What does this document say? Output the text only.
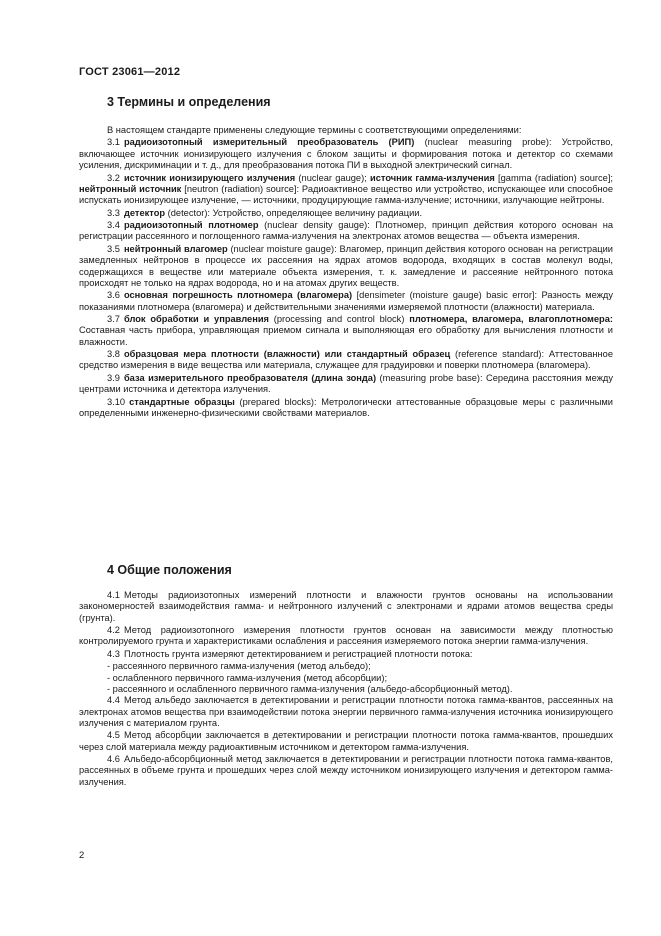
ГОСТ 23061—2012
3 Термины и определения

В настоящем стандарте применены следующие термины с соответствующими определениями:

3.1 радиоизотопный измерительный преобразователь (РИП) (nuclear measuring probe): Устройство, включающее источник ионизирующего излучения с блоком защиты и формирования потока и детектор со схемами усиления, дискриминации и т. д., для преобразования потока ПИ в выходной электрический сигнал.

3.2 источник ионизирующего излучения (nuclear gauge); источник гамма-излучения [gamma (radiation) source]; нейтронный источник [neutron (radiation) source]: Радиоактивное вещество или устройство, испускающее или способное испускать ионизирующее излучение, — источники, продуцирующие гамма-излучение; источники, излучающие нейтроны.

3.3 детектор (detector): Устройство, определяющее величину радиации.

3.4 радиоизотопный плотномер (nuclear density gauge): Плотномер, принцип действия которого основан на регистрации рассеянного и поглощенного гамма-излучения на электронах атомов вещества — объекта измерения.

3.5 нейтронный влагомер (nuclear moisture gauge): Влагомер, принцип действия которого основан на регистрации замедленных нейтронов в процессе их рассеяния на ядрах атомов водорода, входящих в состав молекул воды, содержащихся в веществе или материале объекта измерения, т. к. замедление и рассеяние нейтронного потока происходят не только на ядрах водорода, но и на атомах других веществ.

3.6 основная погрешность плотномера (влагомера) [densimeter (moisture gauge) basic error]: Разность между показаниями плотномера (влагомера) и действительными значениями измеряемой плотности (влажности) материала.

3.7 блок обработки и управления (processing and control block) плотномера, влагомера, влагоплотномера: Составная часть прибора, управляющая приемом сигнала и выполняющая его обработку для вычисления плотности и влажности.

3.8 образцовая мера плотности (влажности) или стандартный образец (reference standard): Аттестованное средство измерения в виде вещества или материала, служащее для градуировки и поверки плотномера (влагомера).

3.9 база измерительного преобразователя (длина зонда) (measuring probe base): Середина расстояния между центрами источника и детектора излучения.

3.10 стандартные образцы (prepared blocks): Метрологически аттестованные образцовые меры с различными определенными инженерно-физическими свойствами материалов.

4 Общие положения

4.1 Методы радиоизотопных измерений плотности и влажности грунтов основаны на использовании закономерностей взаимодействия гамма- и нейтронного излучений с электронами и ядрами атомов вещества среды (грунта).

4.2 Метод радиоизотопного измерения плотности грунтов основан на зависимости между плотностью контролируемого грунта и характеристиками ослабления и рассеяния измеряемого потока энергии гамма-излучения.

4.3 Плотность грунта измеряют детектированием и регистрацией плотности потока:

- рассеянного первичного гамма-излучения (метод альбедо);

- ослабленного первичного гамма-излучения (метод абсорбции);

- рассеянного и ослабленного первичного гамма-излучения (альбедо-абсорбционный метод).

4.4 Метод альбедо заключается в детектировании и регистрации плотности потока гамма-квантов, рассеянных на электронах атомов вещества при взаимодействии потока энергии первичного гамма-излучения источника ионизирующего излучения с материалом грунта.

4.5 Метод абсорбции заключается в детектировании и регистрации плотности потока гамма-квантов, прошедших через слой материала между радиоактивным источником и детектором гамма-излучения.

4.6 Альбедо-абсорбционный метод заключается в детектировании и регистрации плотности потока гамма-квантов, рассеянных в объеме грунта и прошедших через слой между источником ионизирующего излучения и детектором гамма-излучения.

2
